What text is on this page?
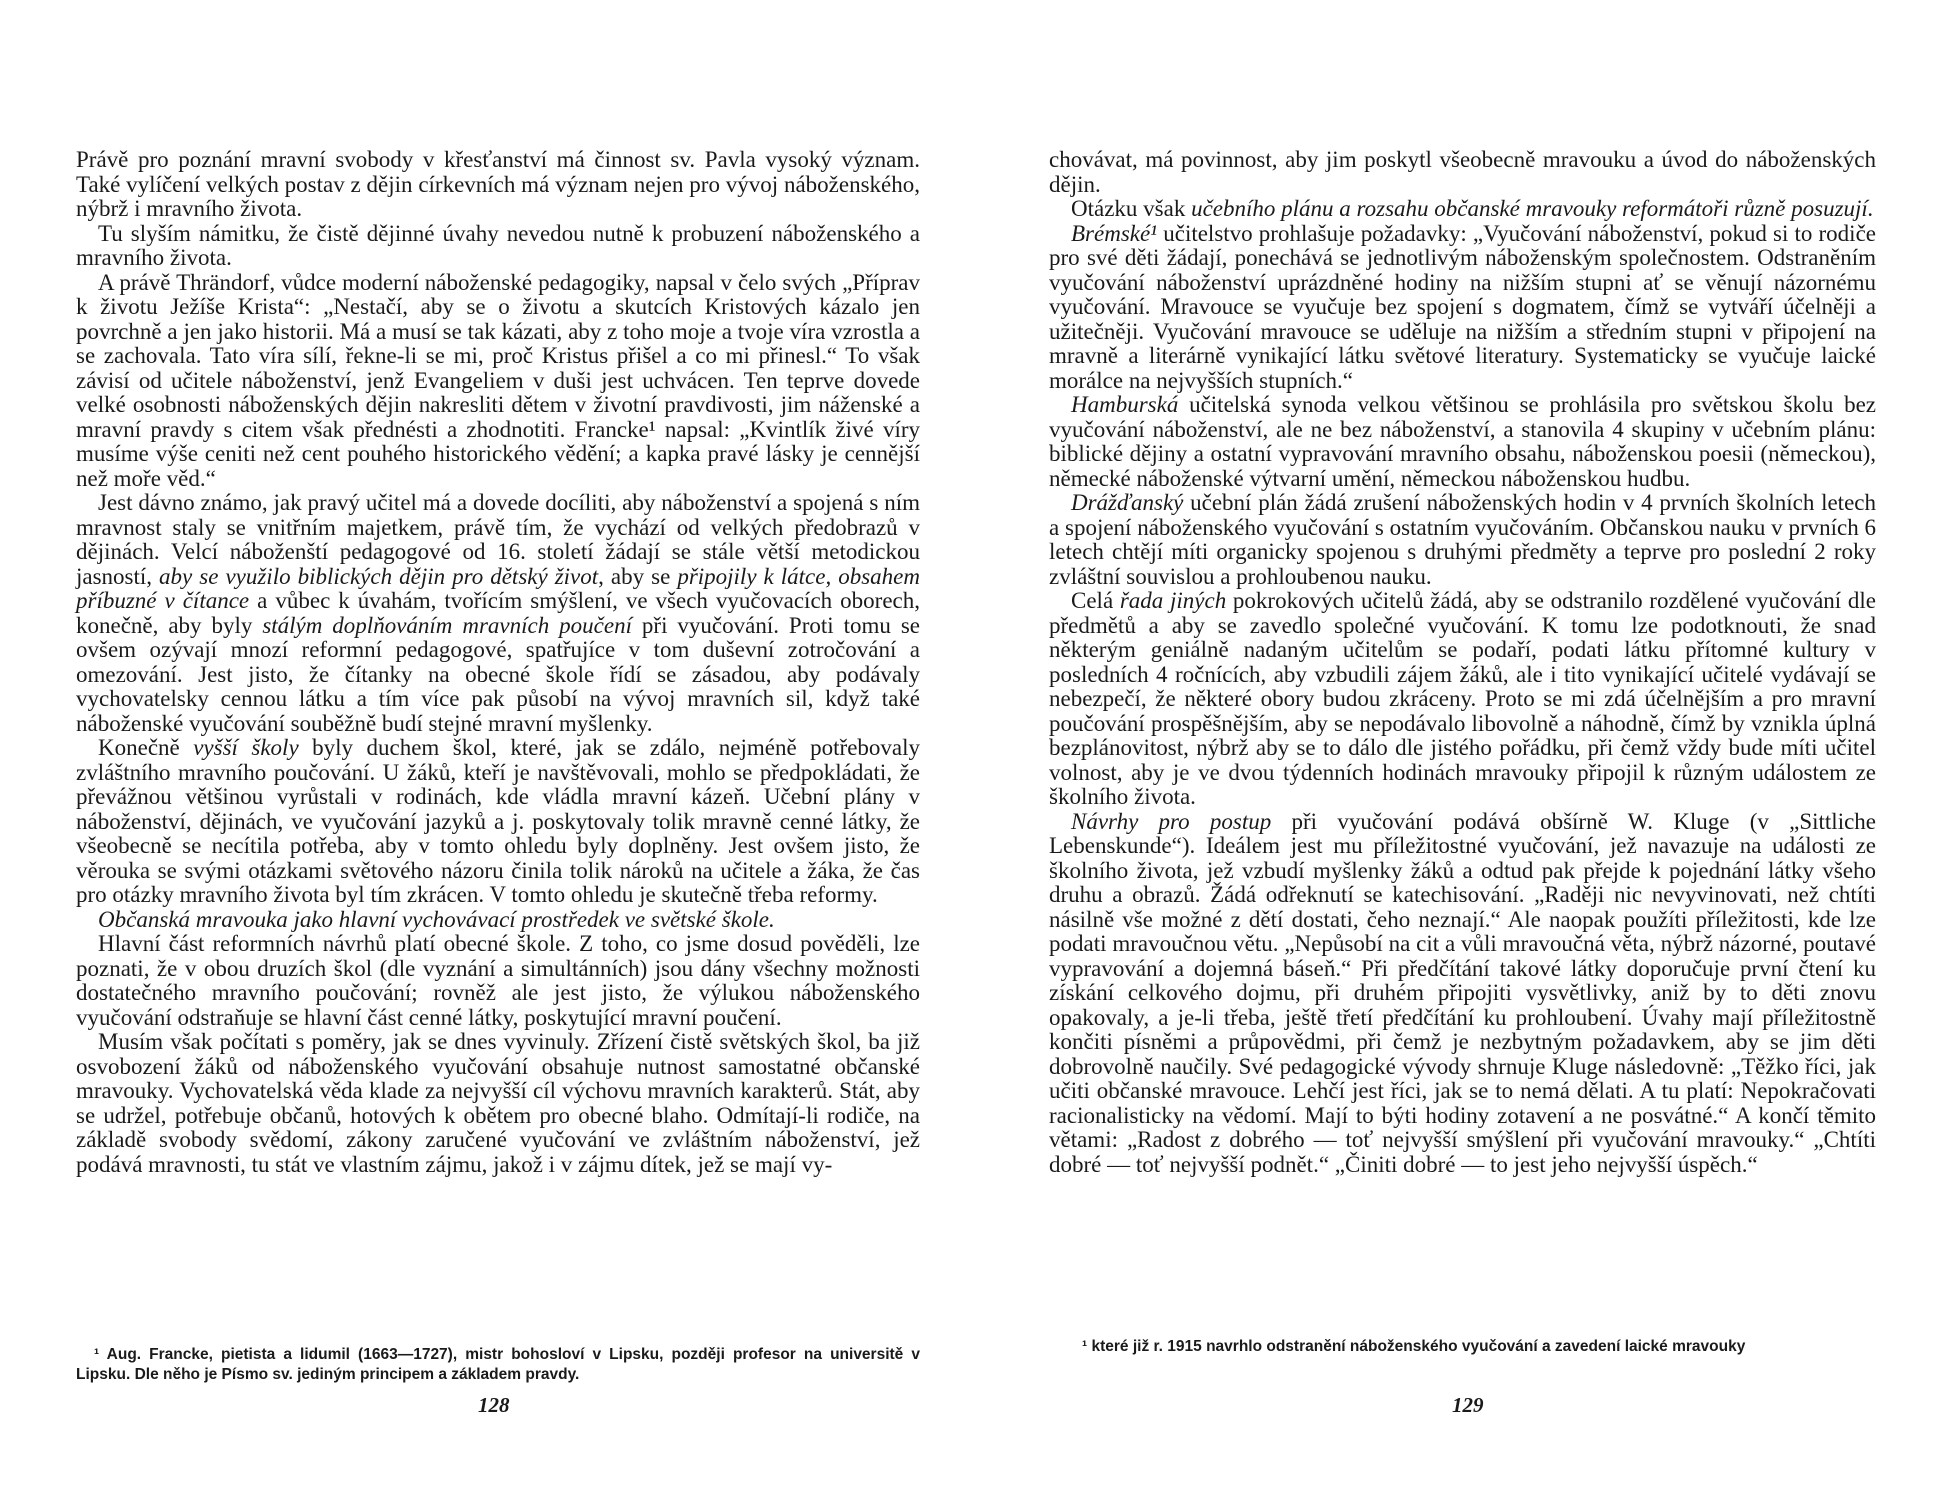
Právě pro poznání mravní svobody v křesťanství má činnost sv. Pavla vysoký význam. Také vylíčení velkých postav z dějin církevních má význam nejen pro vývoj náboženského, nýbrž i mravního života.

Tu slyším námitku, že čistě dějinné úvahy nevedou nutně k probuzení náboženského a mravního života.

A právě Thrändorf, vůdce moderní náboženské pedagogiky, napsal v čelo svých „Příprav k životu Ježíše Krista“: „Nestačí, aby se o životu a skutcích Kristových kázalo jen povrchně a jen jako historii. Má a musí se tak kázati, aby z toho moje a tvoje víra vzrostla a se zachovala. Tato víra sílí, řekne-li se mi, proč Kristus přišel a co mi přinesl.“ To však závisí od učitele náboženství, jenž Evangeliem v duši jest uchvácen. Ten teprve dovede velké osobnosti náboženských dějin nakresliti dětem v životní pravdivosti, jim náženské a mravní pravdy s citem však přednésti a zhodnotiti. Francke¹ napsal: „Kvintlík živé víry musíme výše ceniti než cent pouhého historického vědění; a kapka pravé lásky je cennější než moře věd.“

Jest dávno známo, jak pravý učitel má a dovede docíliti, aby náboženství a spojená s ním mravnost staly se vnitřním majetkem, právě tím, že vychází od velkých předobrazů v dějinách. Velcí náboženští pedagogové od 16. století žádají se stále větší metodickou jasností, aby se využilo biblických dějin pro dětský život, aby se připojily k látce, obsahem příbuzné v čítance a vůbec k úvahám, tvořícím smýšlení, ve všech vyučovacích oborech, konečně, aby byly stálým doplňováním mravních poučení při vyučování. Proti tomu se ovšem ozývají mnozí reformní pedagogové, spatřujíce v tom duševní zotročování a omezování. Jest jisto, že čítanky na obecné škole řídí se zásadou, aby podávaly vychovatelsky cennou látku a tím více pak působí na vývoj mravních sil, když také náboženské vyučování souběžně budí stejné mravní myšlenky.

Konečně vyšší školy byly duchem škol, které, jak se zdálo, nejméně potřebovaly zvláštního mravního poučování. U žáků, kteří je navštěvovali, mohlo se předpokládati, že převážnou většinou vyrůstali v rodinách, kde vládla mravní kázeň. Učební plány v náboženství, dějinách, ve vyučování jazyků a j. poskytovaly tolik mravně cenné látky, že všeobecně se necítila potřeba, aby v tomto ohledu byly doplněny. Jest ovšem jisto, že věrouka se svými otázkami světového názoru činila tolik nároků na učitele a žáka, že čas pro otázky mravního života byl tím zkrácen. V tomto ohledu je skutečně třeba reformy.

Občanská mravouka jako hlavní vychovávací prostředek ve světské škole.

Hlavní část reformních návrhů platí obecné škole. Z toho, co jsme dosud pověděli, lze poznati, že v obou druzích škol (dle vyznání a simultánních) jsou dány všechny možnosti dostatečného mravního poučování; rovněž ale jest jisto, že výlukou náboženského vyučování odstraňuje se hlavní část cenné látky, poskytující mravní poučení.

Musím však počítati s poměry, jak se dnes vyvinuly. Zřízení čistě světských škol, ba již osvobození žáků od náboženského vyučování obsahuje nutnost samostatné občanské mravouky. Vychovatelská věda klade za nejvyšší cíl výchovu mravních karakterů. Stát, aby se udržel, potřebuje občanů, hotových k obětem pro obecné blaho. Odmítají-li rodiče, na základě svobody svědomí, zákony zaručené vyučování ve zvláštním náboženství, jež podává mravnosti, tu stát ve vlastním zájmu, jakož i v zájmu dítek, jež se mají vy-

¹ Aug. Francke, pietista a lidumil (1663—1727), mistr bohosloví v Lipsku, později profesor na universitě v Lipsku. Dle něho je Písmo sv. jediným principem a základem pravdy.

128

chovávat, má povinnost, aby jim poskytl všeobecně mravouku a úvod do náboženských dějin.

Otázku však učebního plánu a rozsahu občanské mravouky reformátoři různě posuzují.

Brémské¹ učitelstvo prohlašuje požadavky: „Vyučování náboženství, pokud si to rodiče pro své děti žádají, ponechává se jednotlivým náboženským společnostem. Odstraněním vyučování náboženství uprázdněné hodiny na nižším stupni ať se věnují názornému vyučování. Mravouce se vyučuje bez spojení s dogmatem, čímž se vytváří účelněji a užitečněji. Vyučování mravouce se uděluje na nižším a středním stupni v připojení na mravně a literárně vynikající látku světové literatury. Systematicky se vyučuje laické morálce na nejvyšších stupních.“

Hamburská učitelská synoda velkou většinou se prohlásila pro světskou školu bez vyučování náboženství, ale ne bez náboženství, a stanovila 4 skupiny v učebním plánu: biblické dějiny a ostatní vypravování mravního obsahu, náboženskou poesii (německou), německé náboženské výtvarní umění, německou náboženskou hudbu.

Drážďanský učební plán žádá zrušení náboženských hodin v 4 prvních školních letech a spojení náboženského vyučování s ostatním vyučováním. Občanskou nauku v prvních 6 letech chtějí míti organicky spojenou s druhými předměty a teprve pro poslední 2 roky zvláštní souvislou a prohloubenou nauku.

Celá řada jiných pokrokových učitelů žádá, aby se odstranilo rozdělené vyučování dle předmětů a aby se zavedlo společné vyučování. K tomu lze podotknouti, že snad některým geniálně nadaným učitelům se podaří, podati látku přítomné kultury v posledních 4 ročnících, aby vzbudili zájem žáků, ale i tito vynikající učitelé vydávají se nebezpečí, že některé obory budou zkráceny. Proto se mi zdá účelnějším a pro mravní poučování prospěšnějším, aby se nepodávalo libovolně a náhodně, čímž by vznikla úplná bezplánovitost, nýbrž aby se to dálo dle jistého pořádku, při čemž vždy bude míti učitel volnost, aby je ve dvou týdenních hodinách mravouky připojil k různým událostem ze školního života.

Návrhy pro postup při vyučování podává obšírně W. Kluge (v „Sittliche Lebenskunde“). Ideálem jest mu příležitostné vyučování, jež navazuje na události ze školního života, jež vzbudí myšlenky žáků a odtud pak přejde k pojednání látky všeho druhu a obrazů. Žádá odřeknutí se katechisování. „Raději nic nevyvinovati, než chtíti násilně vše možné z dětí dostati, čeho neznají.“ Ale naopak použíti příležitosti, kde lze podati mravoučnou větu. „Nepůsobí na cit a vůli mravoučná věta, nýbrž názorné, poutavé vypravování a dojemná báseň.“ Při předčítání takové látky doporučuje první čtení ku získání celkového dojmu, při druhém připojiti vysvětlivky, aniž by to děti znovu opakovaly, a je-li třeba, ještě třetí předčítání ku prohloubení. Úvahy mají příležitostně končiti písněmi a průpovědmi, při čemž je nezbytným požadavkem, aby se jim děti dobrovolně naučily. Své pedagogické vývody shrnuje Kluge následovně: „Těžko říci, jak učiti občanské mravouce. Lehčí jest říci, jak se to nemá dělati. A tu platí: Nepokračovati racionalisticky na vědomí. Mají to býti hodiny zotavení a ne posvátné.“ A končí těmito větami: „Radost z dobrého — toť nejvyšší smýšlení při vyučování mravouky.“ „Chtíti dobré — toť nejvyšší podnět.“ „Činiti dobré — to jest jeho nejvyšší úspěch.“

¹ které již r. 1915 navrhlo odstranění náboženského vyučování a zavedení laické mravouky

129
